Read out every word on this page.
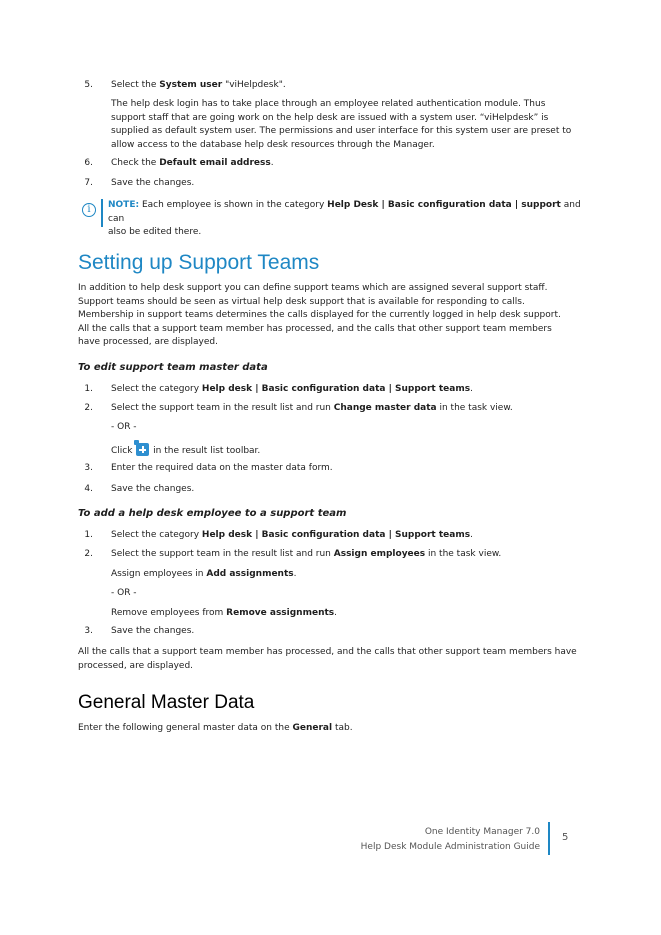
5. Select the System user "viHelpdesk".

The help desk login has to take place through an employee related authentication module. Thus

support staff that are going work on the help desk are issued with a system user. “viHelpdesk” is

supplied as default system user. The permissions and user interface for this system user are preset to

allow access to the database help desk resources through the Manager.

6. Check the Default email address.

7. Save the changes.

i	NOTE: Each employee is shown in the category Help Desk | Basic configuration data | support and can

also be edited there.

Setting up Support Teams

In addition to help desk support you can define support teams which are assigned several support staff.

Support teams should be seen as virtual help desk support that is available for responding to calls.

Membership in support teams determines the calls displayed for the currently logged in help desk support.

All the calls that a support team member has processed, and the calls that other support team members

have processed, are displayed.

To edit support team master data

1. Select the category Help desk | Basic configuration data | Support teams.

2. Select the support team in the result list and run Change master data in the task view.

- OR -

Click
in the result list toolbar.

3. Enter the required data on the master data form.

4. Save the changes.

To add a help desk employee to a support team

1. Select the category Help desk | Basic configuration data | Support teams.

2. Select the support team in the result list and run Assign employees in the task view.

Assign employees in Add assignments.

- OR -

Remove employees from Remove assignments.

3. Save the changes.

All the calls that a support team member has processed, and the calls that other support team members have

processed, are displayed.

General Master Data

Enter the following general master data on the General tab.

One Identity Manager 7.0
Help Desk Module Administration Guide
5
